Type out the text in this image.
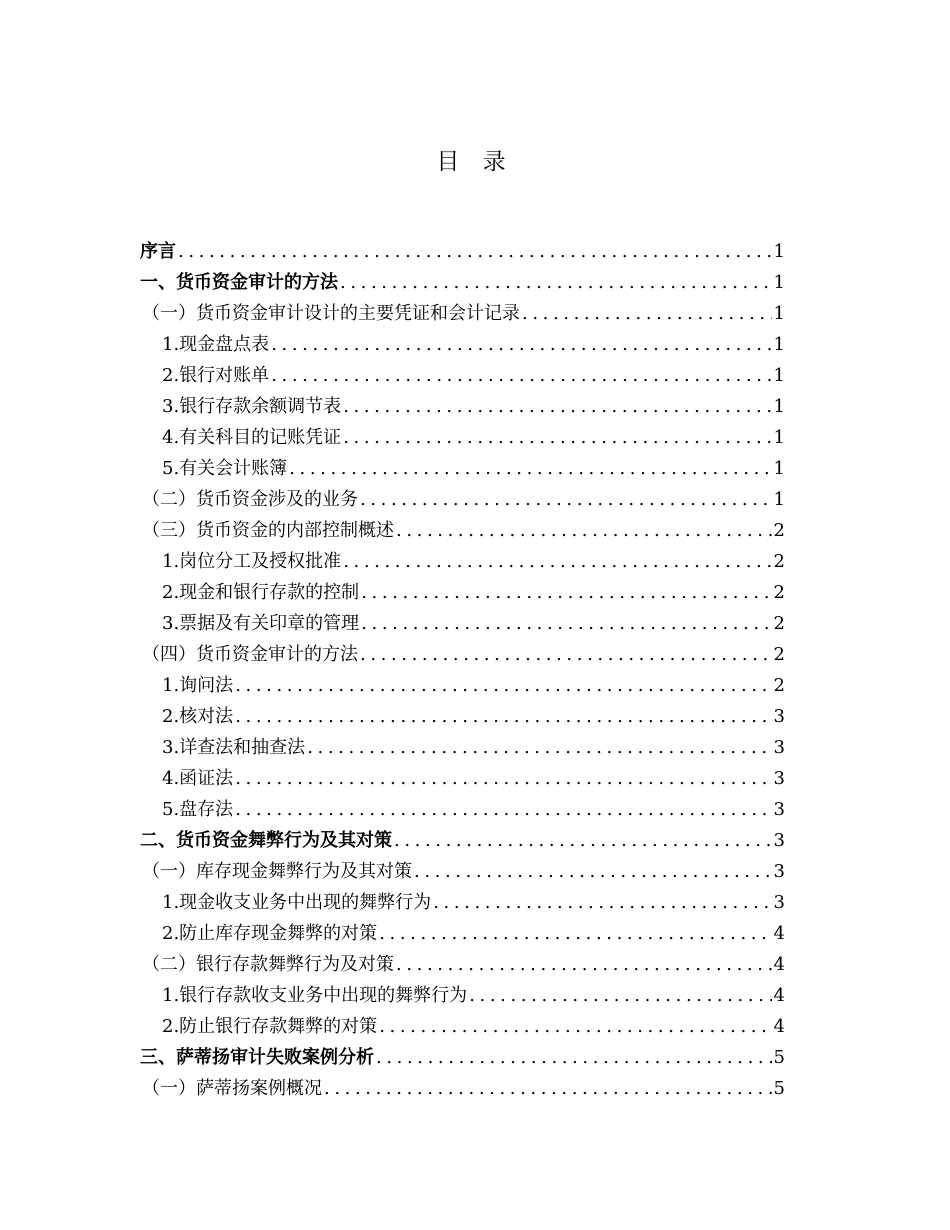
目 录
序言 .....	1
一、货币资金审计的方法 .....	1
（一）货币资金审计设计的主要凭证和会计记录 .....	1
1.现金盘点表 .....	1
2.银行对账单 .....	1
3.银行存款余额调节表 .....	1
4.有关科目的记账凭证 .....	1
5.有关会计账簿 .....	1
（二）货币资金涉及的业务 .....	1
（三）货币资金的内部控制概述 .....	2
1.岗位分工及授权批准 .....	2
2.现金和银行存款的控制 .....	2
3.票据及有关印章的管理 .....	2
（四）货币资金审计的方法 .....	2
1.询问法 .....	2
2.核对法 .....	3
3.详查法和抽查法 .....	3
4.函证法 .....	3
5.盘存法 .....	3
二、货币资金舞弊行为及其对策 .....	3
（一）库存现金舞弊行为及其对策 .....	3
1.现金收支业务中出现的舞弊行为 .....	3
2.防止库存现金舞弊的对策 .....	4
（二）银行存款舞弊行为及对策 .....	4
1.银行存款收支业务中出现的舞弊行为 .....	4
2.防止银行存款舞弊的对策 .....	4
三、萨蒂扬审计失败案例分析 .....	5
（一）萨蒂扬案例概况 .....	5
